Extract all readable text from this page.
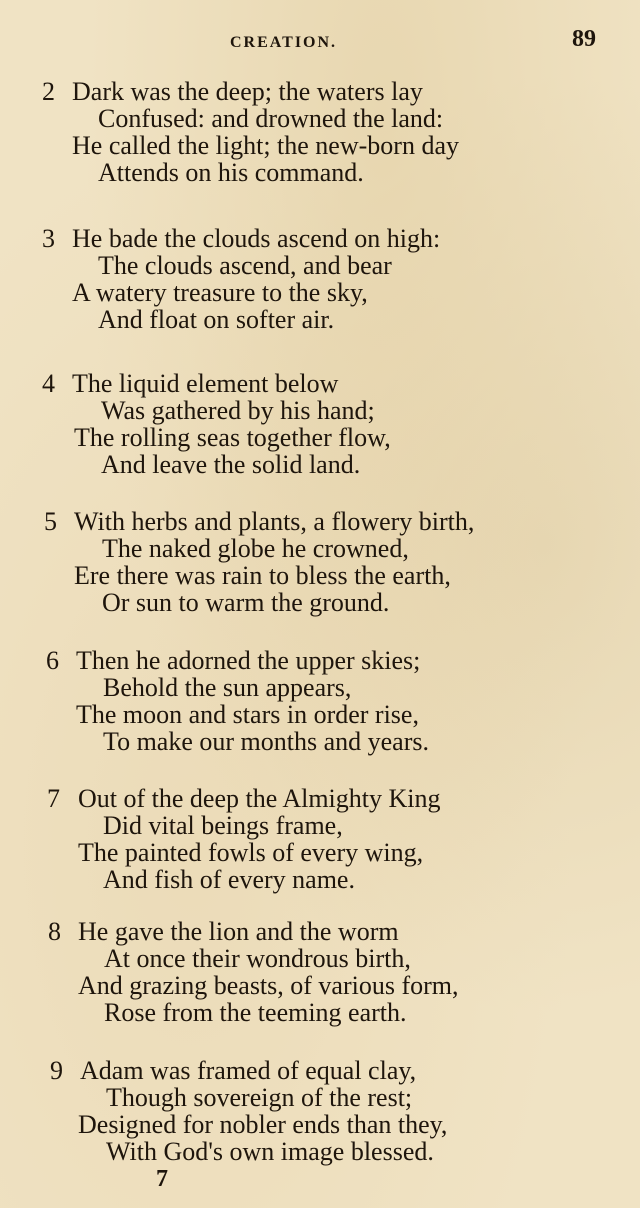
CREATION.	89
2 Dark was the deep; the waters lay
Confused: and drowned the land:
He called the light; the new-born day
Attends on his command.
3 He bade the clouds ascend on high:
The clouds ascend, and bear
A watery treasure to the sky,
And float on softer air.
4 The liquid element below
Was gathered by his hand;
The rolling seas together flow,
And leave the solid land.
5 With herbs and plants, a flowery birth,
The naked globe he crowned,
Ere there was rain to bless the earth,
Or sun to warm the ground.
6 Then he adorned the upper skies;
Behold the sun appears,
The moon and stars in order rise,
To make our months and years.
7 Out of the deep the Almighty King
Did vital beings frame,
The painted fowls of every wing,
And fish of every name.
8 He gave the lion and the worm
At once their wondrous birth,
And grazing beasts, of various form,
Rose from the teeming earth.
9 Adam was framed of equal clay,
Though sovereign of the rest;
Designed for nobler ends than they,
With God's own image blessed.
7
